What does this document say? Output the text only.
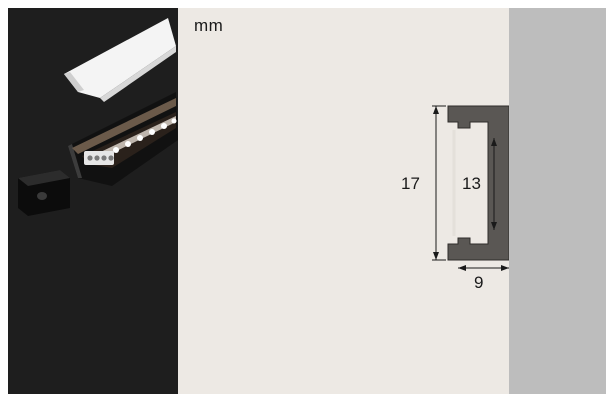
mm
17 13
9
